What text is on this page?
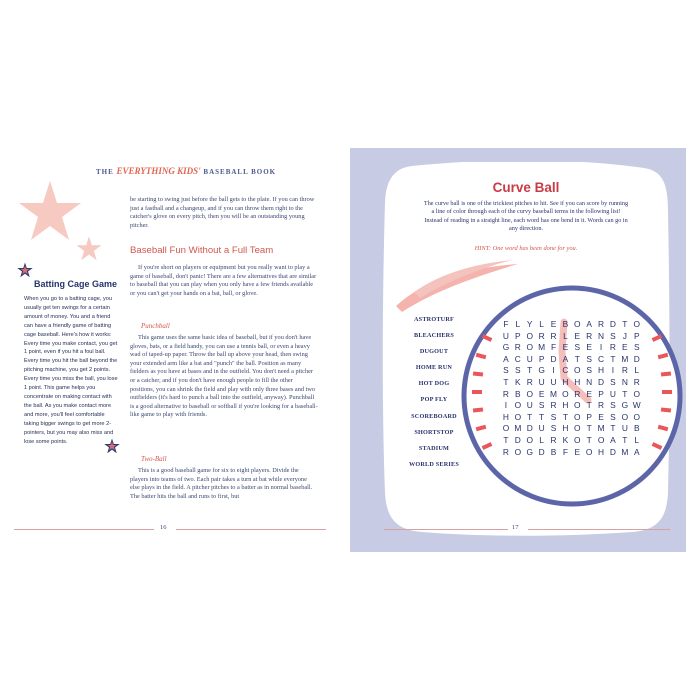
THE EVERYTHING KIDS' BASEBALL BOOK
Batting Cage Game
When you go to a batting cage, you usually get ten swings for a certain amount of money. You and a friend can have a friendly game of batting cage baseball. Here's how it works: Every time you make contact, you get 1 point, even if you hit a foul ball. Every time you hit the ball beyond the pitching machine, you get 2 points. Every time you miss the ball, you lose 1 point. This game helps you concentrate on making contact with the ball. As you make contact more and more, you'll feel comfortable taking bigger swings to get more 2-pointers, but you may also miss and lose some points.

be starting to swing just before the ball gets to the plate. If you can throw just a fastball and a changeup, and if you can throw them right to the catcher's glove on every pitch, then you will be an outstanding young pitcher.

Baseball Fun Without a Full Team

If you're short on players or equipment but you really want to play a game of baseball, don't panic! There are a few alternatives that are similar to baseball that you can play when you only have a few friends available or you can't get your hands on a bat, ball, or glove.

Punchball

This game uses the same basic idea of baseball, but if you don't have gloves, bats, or a field handy, you can use a tennis ball, or even a heavy wad of taped-up paper. Throw the ball up above your head, then swing your extended arm like a bat and "punch" the ball. Position as many fielders as you have at bases and in the outfield. You don't need a pitcher or a catcher, and if you don't have enough people to fill the other positions, you can shrink the field and play with only three bases and two outfielders (it's hard to punch a ball into the outfield, anyway). Punchball is a good alternative to baseball or softball if you're looking for a baseball-like game to play with friends.

Two-Ball

This is a good baseball game for six to eight players. Divide the players into teams of two. Each pair takes a turn at bat while everyone else plays in the field. A pitcher pitches to a batter as in normal baseball. The batter hits the ball and runs to first, but

16
Curve Ball
The curve ball is one of the trickiest pitches to hit. See if you can score by running a line of color through each of the curvy baseball terms in the following list! Instead of reading in a straight line, each word has one bend in it. Words can go in any direction.
HINT: One word has been done for you.
ASTROTURF
BLEACHERS
DUGOUT
HOME RUN
HOT DOG
POP FLY
SCOREBOARD
SHORTSTOP
STADIUM
WORLD SERIES
F L Y L E B O A R D T O
U P O R R L E R N S J P
G R O M F E S E I R E S
A C U P D A T S C T M D
S S T G I C O S H I R L
T K R U U H H N D S N R
R B O E M O R E P U T O
I O U S R H O T R S G W
H O T T S T O P E S O O
O M D U S H O T M T U B
T D O L R K O T O A T L
R O G D B F E O H D M A
17
